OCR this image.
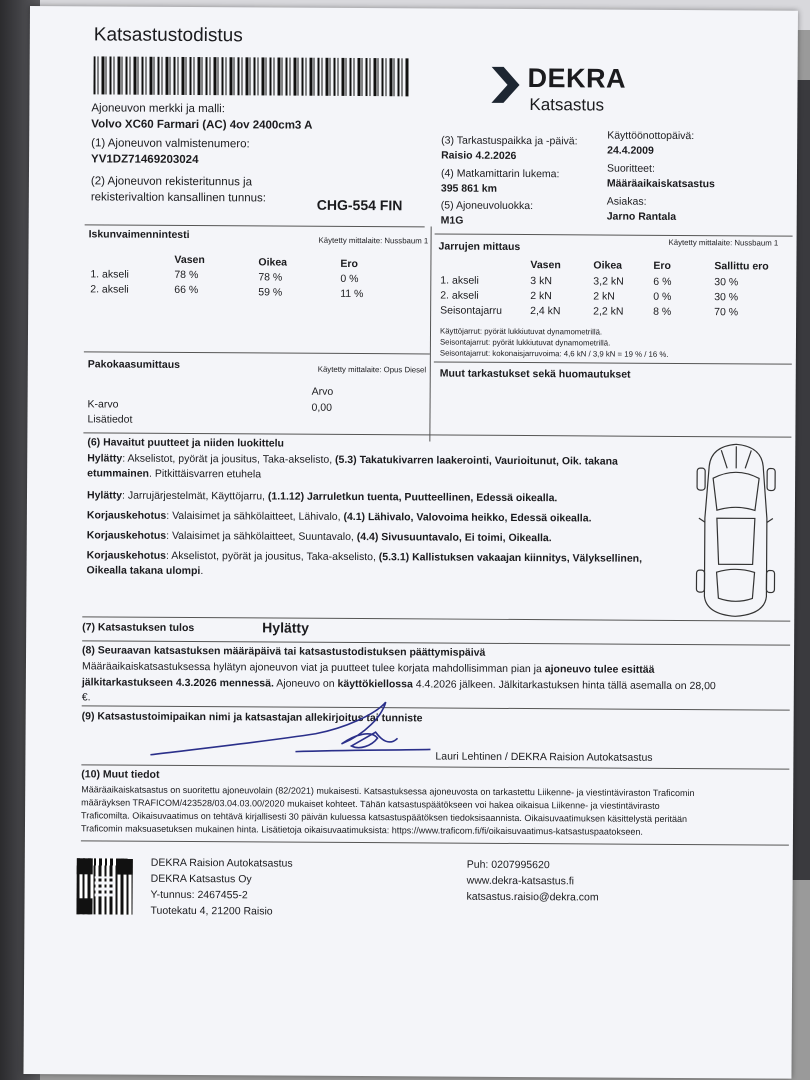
Katsastustodistus
DEKRA
Katsastus
Ajoneuvon merkki ja malli:
Volvo XC60 Farmari (AC) 4ov 2400cm3 A
(1) Ajoneuvon valmistenumero:
YV1DZ71469203024
(2) Ajoneuvon rekisteritunnus ja
rekisterivaltion kansallinen tunnus:	CHG-554 FIN
(3) Tarkastuspaikka ja -päivä:
Raisio 4.2.2026
(4) Matkamittarin lukema:
395 861 km
(5) Ajoneuvoluokka:
M1G
Käyttöönottopäivä:
24.4.2009
Suoritteet:
Määräaikaiskatsastus
Asiakas:
Jarno Rantala
Iskunvaimennintesti	Käytetty mittalaite: Nussbaum 1
Vasen	Oikea	Ero
1. akseli	78 %	78 %	0 %
2. akseli	66 %	59 %	11 %
Käytetty mittalaite: Nussbaum 1
Jarrujen mittaus
Vasen	Oikea	Ero	Sallittu ero
1. akseli	3 kN	3,2 kN	6 %	30 %
2. akseli	2 kN	2 kN	0 %	30 %
Seisontajarru	2,4 kN	2,2 kN	8 %	70 %
Käyttöjarrut: pyörät lukkiutuvat dynamometrillä.
Seisontajarrut: pyörät lukkiutuvat dynamometrillä.
Seisontajarrut: kokonaisjarruvoima: 4,6 kN / 3,9 kN = 19 % / 16 %.
Pakokaasumittaus	Käytetty mittalaite: Opus Diesel
Arvo
K-arvo	0,00
Lisätiedot
Muut tarkastukset sekä huomautukset
(6) Havaitut puutteet ja niiden luokittelu
Hylätty: Akselistot, pyörät ja jousitus, Taka-akselisto, (5.3) Takatukivarren laakerointi, Vaurioitunut, Oik. takana
etummainen. Pitkittäisvarren etuhela
Hylätty: Jarrujärjestelmät, Käyttöjarru, (1.1.12) Jarruletkun tuenta, Puutteellinen, Edessä oikealla.
Korjauskehotus: Valaisimet ja sähkölaitteet, Lähivalo, (4.1) Lähivalo, Valovoima heikko, Edessä oikealla.
Korjauskehotus: Valaisimet ja sähkölaitteet, Suuntavalo, (4.4) Sivusuuntavalo, Ei toimi, Oikealla.
Korjauskehotus: Akselistot, pyörät ja jousitus, Taka-akselisto, (5.3.1) Kallistuksen vakaajan kiinnitys, Välyksellinen,
Oikealla takana ulompi.
(7) Katsastuksen tulos	Hylätty
(8) Seuraavan katsastuksen määräpäivä tai katsastustodistuksen päättymispäivä
Määräaikaiskatsastuksessa hylätyn ajoneuvon viat ja puutteet tulee korjata mahdollisimman pian ja ajoneuvo tulee esittää
jälkitarkastukseen 4.3.2026 mennessä. Ajoneuvo on käyttökiellossa 4.4.2026 jälkeen. Jälkitarkastuksen hinta tällä asemalla on 28,00
€.
(9) Katsastustoimipaikan nimi ja katsastajan allekirjoitus tai tunniste
Lauri Lehtinen / DEKRA Raision Autokatsastus
(10) Muut tiedot
Määräaikaiskatsastus on suoritettu ajoneuvolain (82/2021) mukaisesti. Katsastuksessa ajoneuvosta on tarkastettu Liikenne- ja viestintäviraston Traficomin
määräyksen TRAFICOM/423528/03.04.03.00/2020 mukaiset kohteet. Tähän katsastuspäätökseen voi hakea oikaisua Liikenne- ja viestintävirasto
Traficomilta. Oikaisuvaatimus on tehtävä kirjallisesti 30 päivän kuluessa katsastuspäätöksen tiedoksisaannista. Oikaisuvaatimuksen käsittelystä peritään
Traficomin maksuasetuksen mukainen hinta. Lisätietoja oikaisuvaatimuksista: https://www.traficom.fi/fi/oikaisuvaatimus-katsastuspaatokseen.
DEKRA Raision Autokatsastus
DEKRA Katsastus Oy
Y-tunnus: 2467455-2
Tuotekatu 4, 21200 Raisio
Puh: 0207995620
www.dekra-katsastus.fi
katsastus.raisio@dekra.com
